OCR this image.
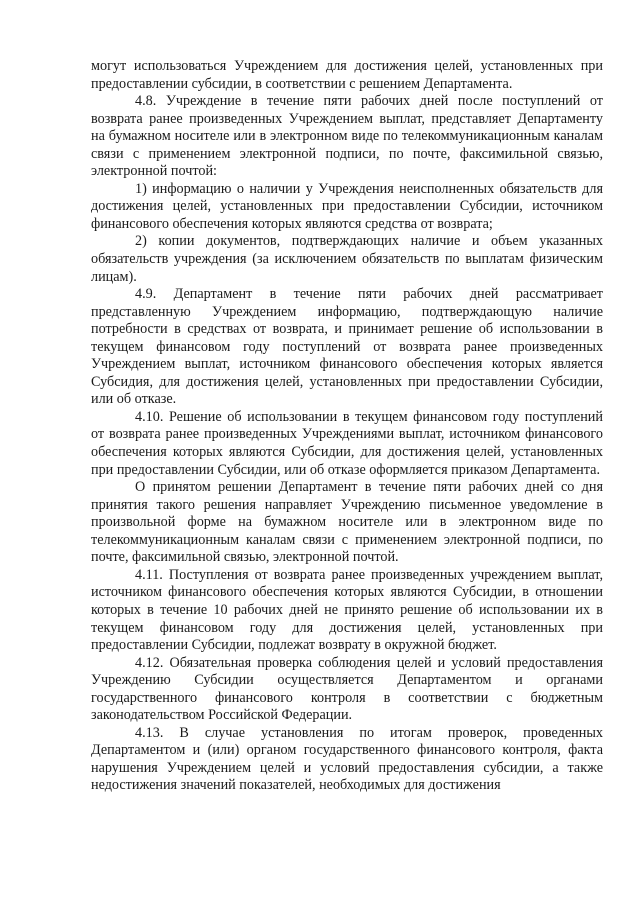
могут использоваться Учреждением для достижения целей, установленных при предоставлении субсидии, в соответствии с решением Департамента.

4.8. Учреждение в течение пяти рабочих дней после поступлений от возврата ранее произведенных Учреждением выплат, представляет Департаменту на бумажном носителе или в электронном виде по телекоммуникационным каналам связи с применением электронной подписи, по почте, факсимильной связью, электронной почтой:

1) информацию о наличии у Учреждения неисполненных обязательств для достижения целей, установленных при предоставлении Субсидии, источником финансового обеспечения которых являются средства от возврата;

2) копии документов, подтверждающих наличие и объем указанных обязательств учреждения (за исключением обязательств по выплатам физическим лицам).

4.9. Департамент в течение пяти рабочих дней рассматривает представленную Учреждением информацию, подтверждающую наличие потребности в средствах от возврата, и принимает решение об использовании в текущем финансовом году поступлений от возврата ранее произведенных Учреждением выплат, источником финансового обеспечения которых является Субсидия, для достижения целей, установленных при предоставлении Субсидии, или об отказе.

4.10. Решение об использовании в текущем финансовом году поступлений от возврата ранее произведенных Учреждениями выплат, источником финансового обеспечения которых являются Субсидии, для достижения целей, установленных при предоставлении Субсидии, или об отказе оформляется приказом Департамента.

О принятом решении Департамент в течение пяти рабочих дней со дня принятия такого решения направляет Учреждению письменное уведомление в произвольной форме на бумажном носителе или в электронном виде по телекоммуникационным каналам связи с применением электронной подписи, по почте, факсимильной связью, электронной почтой.

4.11. Поступления от возврата ранее произведенных учреждением выплат, источником финансового обеспечения которых являются Субсидии, в отношении которых в течение 10 рабочих дней не принято решение об использовании их в текущем финансовом году для достижения целей, установленных при предоставлении Субсидии, подлежат возврату в окружной бюджет.

4.12. Обязательная проверка соблюдения целей и условий предоставления Учреждению Субсидии осуществляется Департаментом и органами государственного финансового контроля в соответствии с бюджетным законодательством Российской Федерации.

4.13. В случае установления по итогам проверок, проведенных Департаментом и (или) органом государственного финансового контроля, факта нарушения Учреждением целей и условий предоставления субсидии, а также недостижения значений показателей, необходимых для достижения
